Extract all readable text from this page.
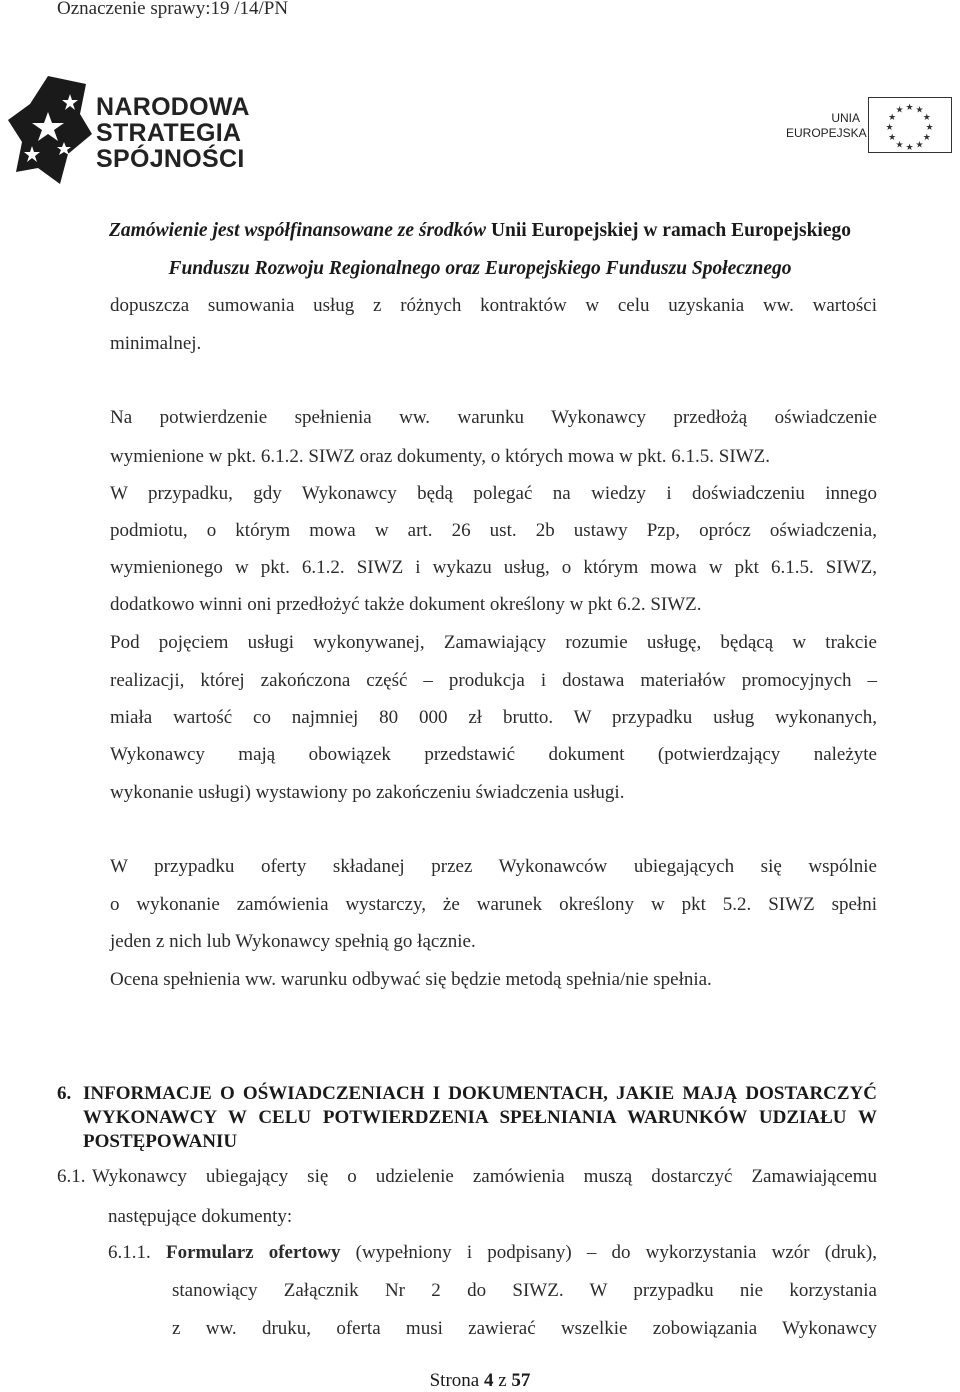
Oznaczenie sprawy:19 /14/PN
NARODOWA
STRATEGIA SPÓJNOŚCI
UNIA
EUROPEJSKA
★ ★
★
★
★
★
★
★
★
★
★
★
Zamówienie jest współfinansowane ze środków Unii Europejskiej w ramach Europejskiego
Funduszu Rozwoju Regionalnego oraz Europejskiego Funduszu Społecznego
dopuszcza sumowania usług z różnych kontraktów w celu uzyskania ww. wartości
minimalnej.
Na potwierdzenie spełnienia ww. warunku Wykonawcy przedłożą oświadczenie
wymienione w pkt. 6.1.2. SIWZ oraz dokumenty, o których mowa w pkt. 6.1.5. SIWZ.
W przypadku, gdy Wykonawcy będą polegać na wiedzy i doświadczeniu innego
podmiotu, o którym mowa w art. 26 ust. 2b ustawy Pzp, oprócz oświadczenia,
wymienionego w pkt. 6.1.2. SIWZ i wykazu usług, o którym mowa w pkt 6.1.5. SIWZ,
dodatkowo winni oni przedłożyć także dokument określony w pkt 6.2. SIWZ.
Pod pojęciem usługi wykonywanej, Zamawiający rozumie usługę, będącą w trakcie
realizacji, której zakończona część – produkcja i dostawa materiałów promocyjnych –
miała wartość co najmniej 80 000 zł brutto. W przypadku usług wykonanych,
Wykonawcy mają obowiązek przedstawić dokument (potwierdzający należyte
wykonanie usługi) wystawiony po zakończeniu świadczenia usługi.
W przypadku oferty składanej przez Wykonawców ubiegających się wspólnie
o wykonanie zamówienia wystarczy, że warunek określony w pkt 5.2. SIWZ spełni
jeden z nich lub Wykonawcy spełnią go łącznie.
Ocena spełnienia ww. warunku odbywać się będzie metodą spełnia/nie spełnia.
6. INFORMACJE O OŚWIADCZENIACH I DOKUMENTACH, JAKIE MAJĄ DOSTARCZYĆ WYKONAWCY W CELU POTWIERDZENIA SPEŁNIANIA WARUNKÓW UDZIAŁU W POSTĘPOWANIU
6.1. Wykonawcy ubiegający się o udzielenie zamówienia muszą dostarczyć Zamawiającemu
następujące dokumenty:
6.1.1. Formularz ofertowy (wypełniony i podpisany) – do wykorzystania wzór (druk),
stanowiący Załącznik Nr 2 do SIWZ. W przypadku nie korzystania
z ww. druku, oferta musi zawierać wszelkie zobowiązania Wykonawcy
Strona 4 z 57
